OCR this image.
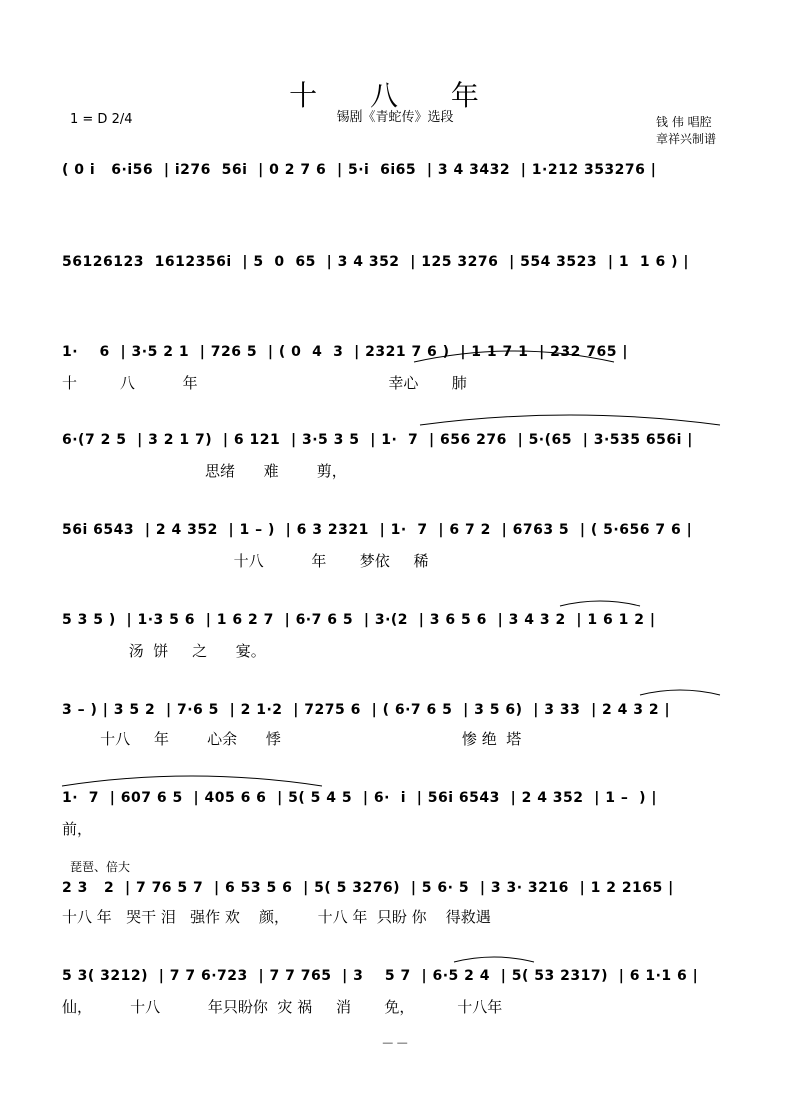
十 八 年
锡剧《青蛇传》选段
1 = D 2/4	钱 伟 唱腔
章祥兴制谱
( 0 i   6·i56  | i276  56i  | 0 2 7 6  | 5·i  6i65  | 3 4 3432  | 1·212 353276 |
56126123  1612356i  | 5  0  65  | 3 4 352  | 125 3276  | 554 3523  | 1  1 6 ) |
1·    6  | 3·5 2 1  | 726 5  | ( 0  4  3  | 2321 7 6 )  | 1 1 7 1  | 232 765 |
十         八          年                                        幸心       肺
6·(7 2 5  | 3 2 1 7)  | 6 121  | 3·5 3 5  | 1·  7  | 656 276  | 5·(65  | 3·535 656i |
思绪      难        剪，
56i 6543  | 2 4 352  | 1 – )  | 6 3 2321  | 1·  7  | 6 7 2  | 6763 5  | ( 5·656 7 6 |
十八          年       梦依     稀
5 3 5 )  | 1·3 5 6  | 1 6 2 7  | 6·7 6 5  | 3·(2  | 3 6 5 6  | 3 4 3 2  | 1 6 1 2 |
汤  饼     之      宴。
3 – ) | 3 5 2  | 7·6 5  | 2 1·2  | 7275 6  | ( 6·7 6 5  | 3 5 6)  | 3 33  | 2 4 3 2 |
十八     年        心余      悸                                      惨 绝  塔
1·  7  | 607 6 5  | 405 6 6  | 5( 5 4 5  | 6·  i  | 56i 6543  | 2 4 352  | 1 –  ) |
前，
琵琶、倍大
2 3   2  | 7 76 5 7  | 6 53 5 6  | 5( 5 3276)  | 5 6· 5  | 3 3· 3216  | 1 2 2165 |
十八 年   哭干 泪   强作 欢    颜，      十八 年  只盼 你    得救遇
5 3( 3212)  | 7 7 6·723  | 7 7 765  | 3    5 7  | 6·5 2 4  | 5( 53 2317)  | 6 1·1 6 |
仙，        十八          年只盼你  灾 祸     消       免，         十八年
— —
